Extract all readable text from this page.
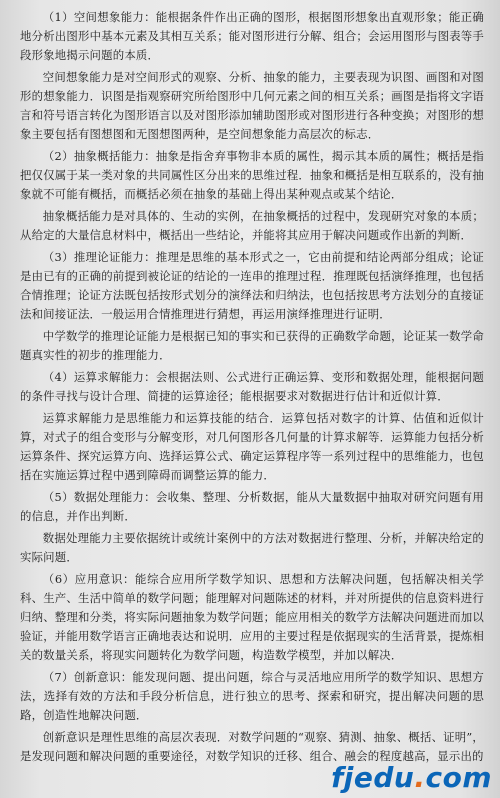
（1）空间想象能力：能根据条件作出正确的图形，根据图形想象出直观形象；能正确地分析出图形中基本元素及其相互关系；能对图形进行分解、组合；会运用图形与图表等手段形象地揭示问题的本质．

空间想象能力是对空间形式的观察、分析、抽象的能力，主要表现为识图、画图和对图形的想象能力．识图是指观察研究所给图形中几何元素之间的相互关系；画图是指将文字语言和符号语言转化为图形语言以及对图形添加辅助图形或对图形进行各种变换；对图形的想象主要包括有图想图和无图想图两种，是空间想象能力高层次的标志．

（2）抽象概括能力：抽象是指舍弃事物非本质的属性，揭示其本质的属性；概括是指把仅仅属于某一类对象的共同属性区分出来的思维过程．抽象和概括是相互联系的，没有抽象就不可能有概括，而概括必须在抽象的基础上得出某种观点或某个结论．

抽象概括能力是对具体的、生动的实例，在抽象概括的过程中，发现研究对象的本质；从给定的大量信息材料中，概括出一些结论，并能将其应用于解决问题或作出新的判断．

（3）推理论证能力：推理是思维的基本形式之一，它由前提和结论两部分组成；论证是由已有的正确的前提到被论证的结论的一连串的推理过程．推理既包括演绎推理，也包括合情推理；论证方法既包括按形式划分的演绎法和归纳法，也包括按思考方法划分的直接证法和间接证法．一般运用合情推理进行猜想，再运用演绎推理进行证明．

中学数学的推理论证能力是根据已知的事实和已获得的正确数学命题，论证某一数学命题真实性的初步的推理能力．

（4）运算求解能力：会根据法则、公式进行正确运算、变形和数据处理，能根据问题的条件寻找与设计合理、简捷的运算途径；能根据要求对数据进行估计和近似计算．

运算求解能力是思维能力和运算技能的结合．运算包括对数字的计算、估值和近似计算，对式子的组合变形与分解变形，对几何图形各几何量的计算求解等．运算能力包括分析运算条件、探究运算方向、选择运算公式、确定运算程序等一系列过程中的思维能力，也包括在实施运算过程中遇到障碍而调整运算的能力．

（5）数据处理能力：会收集、整理、分析数据，能从大量数据中抽取对研究问题有用的信息，并作出判断．

数据处理能力主要依据统计或统计案例中的方法对数据进行整理、分析，并解决给定的实际问题．

（6）应用意识：能综合应用所学数学知识、思想和方法解决问题，包括解决相关学科、生产、生活中简单的数学问题；能理解对问题陈述的材料，并对所提供的信息资料进行归纳、整理和分类，将实际问题抽象为数学问题；能应用相关的数学方法解决问题进而加以验证，并能用数学语言正确地表达和说明．应用的主要过程是依据现实的生活背景，提炼相关的数量关系，将现实问题转化为数学问题，构造数学模型，并加以解决．

（7）创新意识：能发现问题、提出问题，综合与灵活地应用所学的数学知识、思想方法，选择有效的方法和手段分析信息，进行独立的思考、探索和研究，提出解决问题的思路，创造性地解决问题．

创新意识是理性思维的高层次表现．对数学问题的“观察、猜测、抽象、概括、证明”，是发现问题和解决问题的重要途径，对数学知识的迁移、组合、融会的程度越高，显示出的

fjedu.com
